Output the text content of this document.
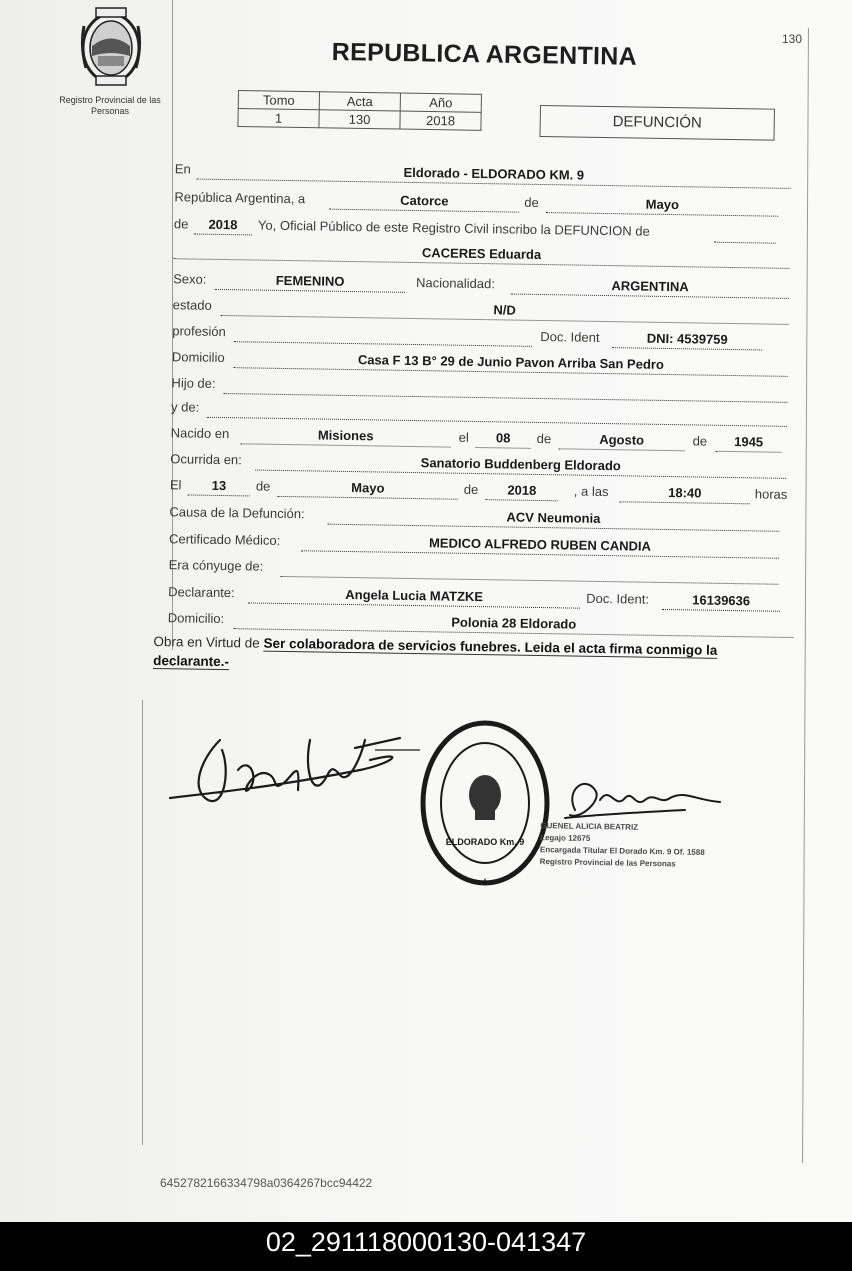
130
Registro Provincial de las Personas
REPUBLICA ARGENTINA
Tomo	Acta	Año
1	130	2018	DEFUNCIÓN
En	Eldorado - ELDORADO KM. 9
República Argentina, a	Catorce	de	Mayo
de	2018	Yo, Oficial Público de este Registro Civil inscribo la DEFUNCION de
CACERES Eduarda
Sexo:	FEMENINO	Nacionalidad:	ARGENTINA
estado	N/D
profesión	Doc. Ident	DNI: 4539759
Domicilio	Casa F 13 B° 29 de Junio Pavon Arriba San Pedro
Hijo de:
y de:
Nacido en	Misiones	el	08	de	Agosto	de	1945
Ocurrida en:	Sanatorio Buddenberg Eldorado
El	13	de	Mayo	de	2018	, a las	18:40	horas
Causa de la Defunción:	ACV Neumonia
Certificado Médico:	MEDICO ALFREDO RUBEN CANDIA
Era cónyuge de:
Declarante:	Angela Lucia MATZKE	Doc. Ident:	16139636
Domicilio:	Polonia 28 Eldorado
Obra en Virtud de Ser colaboradora de servicios funebres. Leida el acta firma conmigo la
declarante.-
ELDORADO Km. 9
★
GUENEL ALICIA BEATRIZ
Legajo 12675
Encargada Titular El Dorado Km. 9 Of. 1588
Registro Provincial de las Personas
6452782166334798a0364267bcc94422
02_291118000130-041347
